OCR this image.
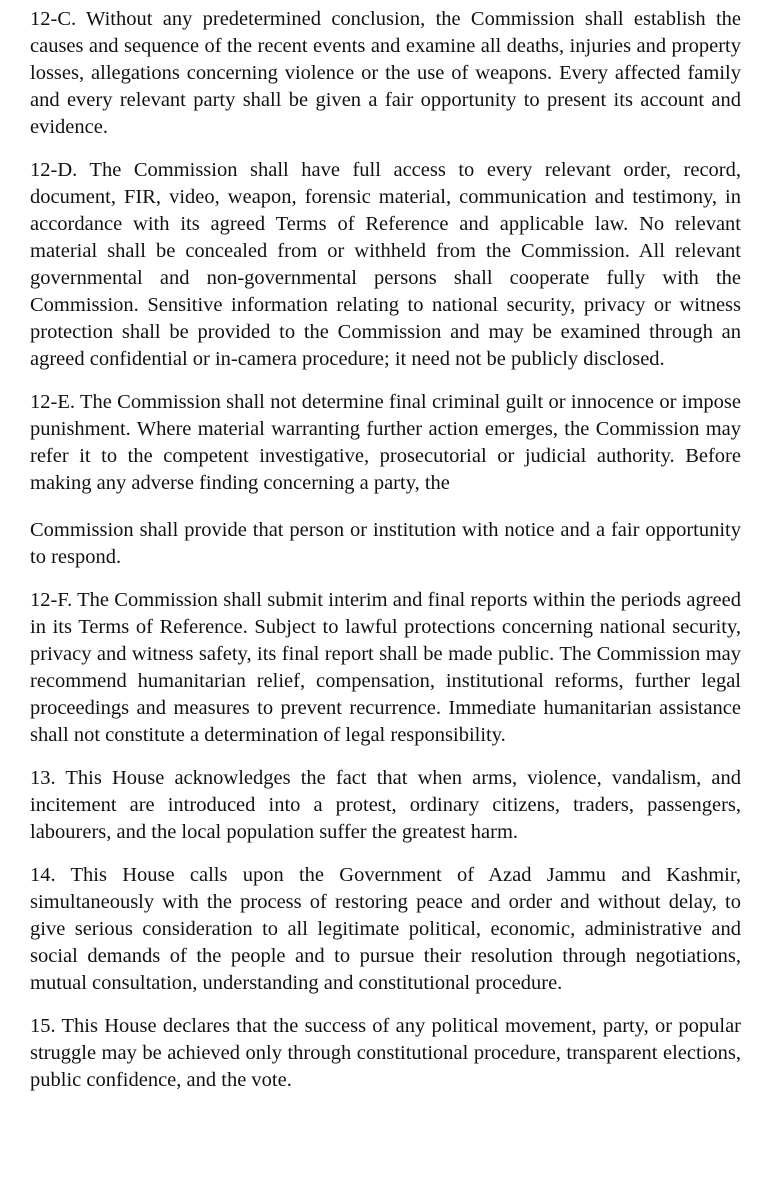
12-C. Without any predetermined conclusion, the Commission shall establish the causes and sequence of the recent events and examine all deaths, injuries and property losses, allegations concerning violence or the use of weapons. Every affected family and every relevant party shall be given a fair opportunity to present its account and evidence.

12-D. The Commission shall have full access to every relevant order, record, document, FIR, video, weapon, forensic material, communication and testimony, in accordance with its agreed Terms of Reference and applicable law. No relevant material shall be concealed from or withheld from the Commission. All relevant governmental and non-governmental persons shall cooperate fully with the Commission. Sensitive information relating to national security, privacy or witness protection shall be provided to the Commission and may be examined through an agreed confidential or in-camera procedure; it need not be publicly disclosed.

12-E. The Commission shall not determine final criminal guilt or innocence or impose punishment. Where material warranting further action emerges, the Commission may refer it to the competent investigative, prosecutorial or judicial authority. Before making any adverse finding concerning a party, the

Commission shall provide that person or institution with notice and a fair opportunity to respond.

12-F. The Commission shall submit interim and final reports within the periods agreed in its Terms of Reference. Subject to lawful protections concerning national security, privacy and witness safety, its final report shall be made public. The Commission may recommend humanitarian relief, compensation, institutional reforms, further legal proceedings and measures to prevent recurrence. Immediate humanitarian assistance shall not constitute a determination of legal responsibility.

13. This House acknowledges the fact that when arms, violence, vandalism, and incitement are introduced into a protest, ordinary citizens, traders, passengers, labourers, and the local population suffer the greatest harm.

14. This House calls upon the Government of Azad Jammu and Kashmir, simultaneously with the process of restoring peace and order and without delay, to give serious consideration to all legitimate political, economic, administrative and social demands of the people and to pursue their resolution through negotiations, mutual consultation, understanding and constitutional procedure.

15. This House declares that the success of any political movement, party, or popular struggle may be achieved only through constitutional procedure, transparent elections, public confidence, and the vote.
